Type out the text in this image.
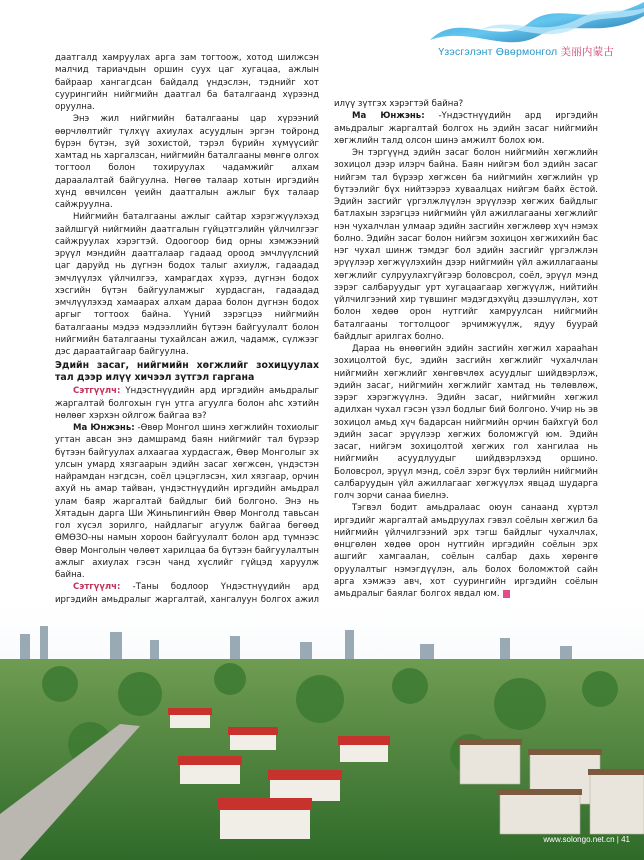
Үзэсгэлэнт Өвөрмонгол 美丽内蒙古

даатгалд хамруулах арга зам тогтоож, хотод шилжсэн малчид тариачдын оршин суух цаг хугацаа, ажлын байраар хангагдсан байдалд үндэслэн, тэднийг хот суурингийн нийгмийн даатгал ба баталгаанд хүрээнд оруулна.

Энэ жил нийгмийн баталгааны цар хүрээний өөрчлөлтийг түлхүү ахиулах асуудлын эргэн тойронд бүрэн бүтэн, зүй зохистой, тэрэл бүрийн хүмүүсийг хамтад нь харгалзсан, нийгмийн баталгааны мөнгө олгох тогтоол болон тохируулах чадамжийг алхам дараалалтай байгуулна. Нөгөө талаар хотын иргэдийн хүнд өвчилсөн үеийн даатгалын ажлыг бүх талаар сайжруулна.

Нийгмийн баталгааны ажлыг сайтар хэрэгжүүлэхэд зайлшгүй нийгмийн даатгалын гүйцэтгэлийн үйлчилгээг сайжруулах хэрэгтэй. Одоогоор бид орны хэмжээний эрүүл мэндийн даатгалаар гадаад ороод эмчлүүлсний цаг даруйд нь дүгнэн бодох талыг ахиулж, гадаадад эмчлүүлэх үйлчилгээ, хамрагдах хүрээ, дүгнэн бодох хэсгийн бүтэн байгууламжыг хурдасган, гадаадад эмчлүүлэхэд хамаарах алхам дараа болон дүгнэн бодох аргыг тогтоох байна. Үүний зэрэгцээ нийгмийн баталгааны мэдээ мэдээллийн бүтээн байгуулалт болон нийгмийн баталгааны тухайлсан ажил, чадамж, сүлжээг дэс дараатайгаар байгуулна.

Эдийн засаг, нийгмийн хөгжлийг зохицуулах тал дээр илүү хичээл зүтгэл гаргана

Сэтгүүлч: Үндэстнүүдийн ард иргэдийн амьдралыг жаргалтай болгохын гүн утга агуулга болон ahc хэтийн нөлөөг хэрхэн ойлгож байгаа вэ?

Ма Юнжэнь: -Өвөр Монгол шинэ хөгжлийн тохиолыг угтан авсан энэ дамшрамд баян нийгмийг тал бүрээр бүтээн байгуулах алхаагаа хурдасгаж, Өвөр Монголыг эх улсын умард хязгаарын эдийн засаг хөгжсөн, үндэстэн найрамдан нэгдсэн, соёл цэцэглэсэн, хил хязгаар, орчин ахуй нь амар тайван, үндэстнүүдийн иргэдийн амьдрал улам баяр жаргалтай байдлыг бий болгоно. Энэ нь Хятадын дарга Ши Жиньпингийн Өвөр Монголд тавьсан гол хүсэл зорилго, найдлагыг агуулж байгаа бөгөөд ӨМӨЗО-ны намын хороон байгуулалт болон ард түмнээс Өвөр Монголын чөлөөт харилцаа ба бүтээн байгуулалтын ажлыг ахиулах гэсэн чанд хүслийг гүйцэд харуулж байна.

Сэтгүүлч: -Таны бодлоор Үндэстнүүдийн ард иргэдийн амьдралыг жаргалтай, хангалуун болгох ажил

илүү зүтгэх хэрэгтэй байна?

Ма Юнжэнь: -Үндэстнүүдийн ард иргэдийн амьдралыг жаргалтай болгох нь эдийн засаг нийгмийн хөгжлийн талд олсон шинэ амжилт болох юм.

Эн тэргүүнд эдийн засаг болон нийгмийн хөгжлийн зохицол дээр илэрч байна. Баян нийгэм бол эдийн засаг нийгэм тал бүрээр хөгжсөн ба нийгмийн хөгжлийн үр бүтээлийг бүх нийтээрээ хуваалцах нийгэм байх ёстой. Эдийн засгийг үргэлжлүүлэн эрүүлээр хөгжих байдлыг батлахын зэрэгцээ нийгмийн үйл ажиллагааны хөгжлийг нэн чухалчлан улмаар эдийн засгийн хөгжлөөр хүч нэмэх болно. Эдийн засаг болон нийгэм зохицон хөгжихийн бас нэг чухал шинж тэмдэг бол эдийн засгийг үргэлжлэн эрүүлээр хөгжүүлэхийн дээр нийгмийн үйл ажиллагааны хөгжлийг сулруулахгүйгээр боловсрол, соёл, эрүүл мэнд зэрэг салбаруудыг урт хугацаагаар хөгжүүлж, нийтийн үйлчилгээний хир түвшинг мэдэгдэхүйц дээшлүүлэн, хот болон хөдөө орон нутгийг хамруулсан нийгмийн баталгааны тогтолцоог эрчимжүүлж, ядуу буурай байдлыг арилгах болно.

Дараа нь өнөөгийн эдийн засгийн хөгжил харааһан зохицолтой бус, эдийн засгийн хөгжлийг чухалчлан нийгмийн хөгжлийг хөнгөвчлөх асуудлыг шийдвэрлэж, эдийн засаг, нийгмийн хөгжлийг хамтад нь төлөвлөж, зэрэг хэрэгжүүлнэ. Эдийн засаг, нийгмийн хөгжил адилхан чухал гэсэн үзэл бодлыг бий болгоно. Учир нь эв зохицол амьд хүч бадарсан нийгмийн орчин байхгүй бол эдийн засаг эрүүлээр хөгжих боломжгүй юм. Эдийн засаг, нийгэм зохицолтой хөгжих гол хангилаа нь нийгмийн асуудлуудыг шийдвэрлэхэд оршино. Боловсрол, эрүүл мэнд, соёл зэрэг бүх төрлийн нийгмийн салбаруудын үйл ажиллагааг хөгжүүлэх явцад шударга голч зорчи санаа биелнэ.

Тэгвэл бодит амьдралаас оюун санаанд хүртэл иргэдийг жаргалтай амьдруулах гэвэл соёлын хөгжил ба нийгмийн үйлчилгээний эрх тэгш байдлыг чухалчлах, өнцгөлөн хөдөө орон нутгийн иргэдийн соёлын эрх ашгийг хамгаалан, соёлын салбар дахь хөрөнгө оруулалтыг нэмэгдүүлэн, аль болох боломжтой сайн арга хэмжээ авч, хот суурингийн иргэдийн соёлын амьдралыг баялаг болгох явдал юм.

www.solongo.net.cn | 41
